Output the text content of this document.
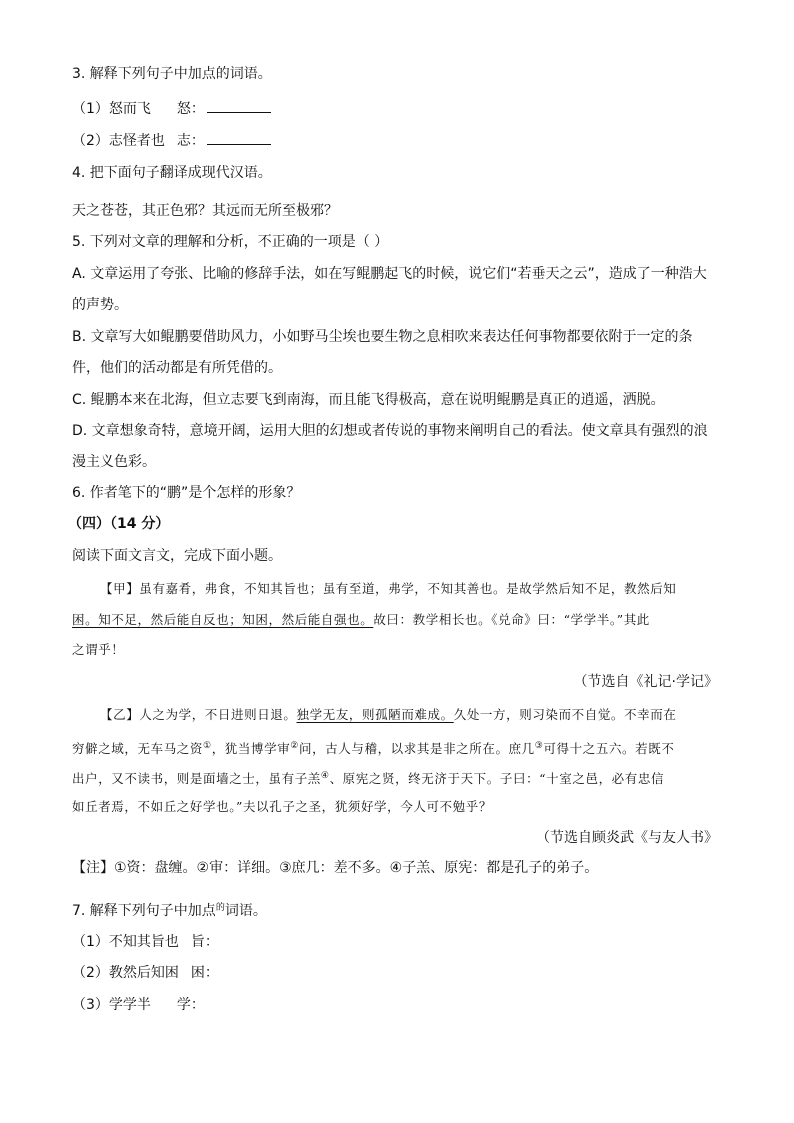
3. 解释下列句子中加点的词语。
（1）怒而飞 怒：
（2）志怪者也 志：
4. 把下面句子翻译成现代汉语。
天之苍苍，其正色邪？其远而无所至极邪？
5. 下列对文章的理解和分析，不正确的一项是（ ）
A. 文章运用了夸张、比喻的修辞手法，如在写鲲鹏起飞的时候，说它们“若垂天之云”，造成了一种浩大
的声势。
B. 文章写大如鲲鹏要借助风力，小如野马尘埃也要生物之息相吹来表达任何事物都要依附于一定的条
件，他们的活动都是有所凭借的。
C. 鲲鹏本来在北海，但立志要飞到南海，而且能飞得极高，意在说明鲲鹏是真正的逍遥，洒脱。
D. 文章想象奇特，意境开阔，运用大胆的幻想或者传说的事物来阐明自己的看法。使文章具有强烈的浪
漫主义色彩。
6. 作者笔下的“鹏”是个怎样的形象？
（四）（14 分）
阅读下面文言文，完成下面小题。
【甲】虽有嘉肴，弗食，不知其旨也；虽有至道，弗学，不知其善也。是故学然后知不足，教然后知
困。知不足，然后能自反也；知困，然后能自强也。故曰：教学相长也。《兑命》曰：“学学半。”其此
之谓乎！
（节选自《礼记·学记》
【乙】人之为学，不日进则日退。独学无友，则孤陋而难成。久处一方，则习染而不自觉。不幸而在
穷僻之域，无车马之资①，犹当博学审②问，古人与稽，以求其是非之所在。庶几③可得十之五六。若既不
出户，又不读书，则是面墙之士，虽有子羔④、原宪之贤，终无济于天下。子曰：“十室之邑，必有忠信
如丘者焉，不如丘之好学也。”夫以孔子之圣，犹须好学，今人可不勉乎？
（节选自顾炎武《与友人书》
【注】①资：盘缠。②审：详细。③庶几：差不多。④子羔、原宪：都是孔子的弟子。
7. 解释下列句子中加点$^的$词语。
（1）不知其旨也 旨：
（2）教然后知困 困：
（3）学学半 学：
